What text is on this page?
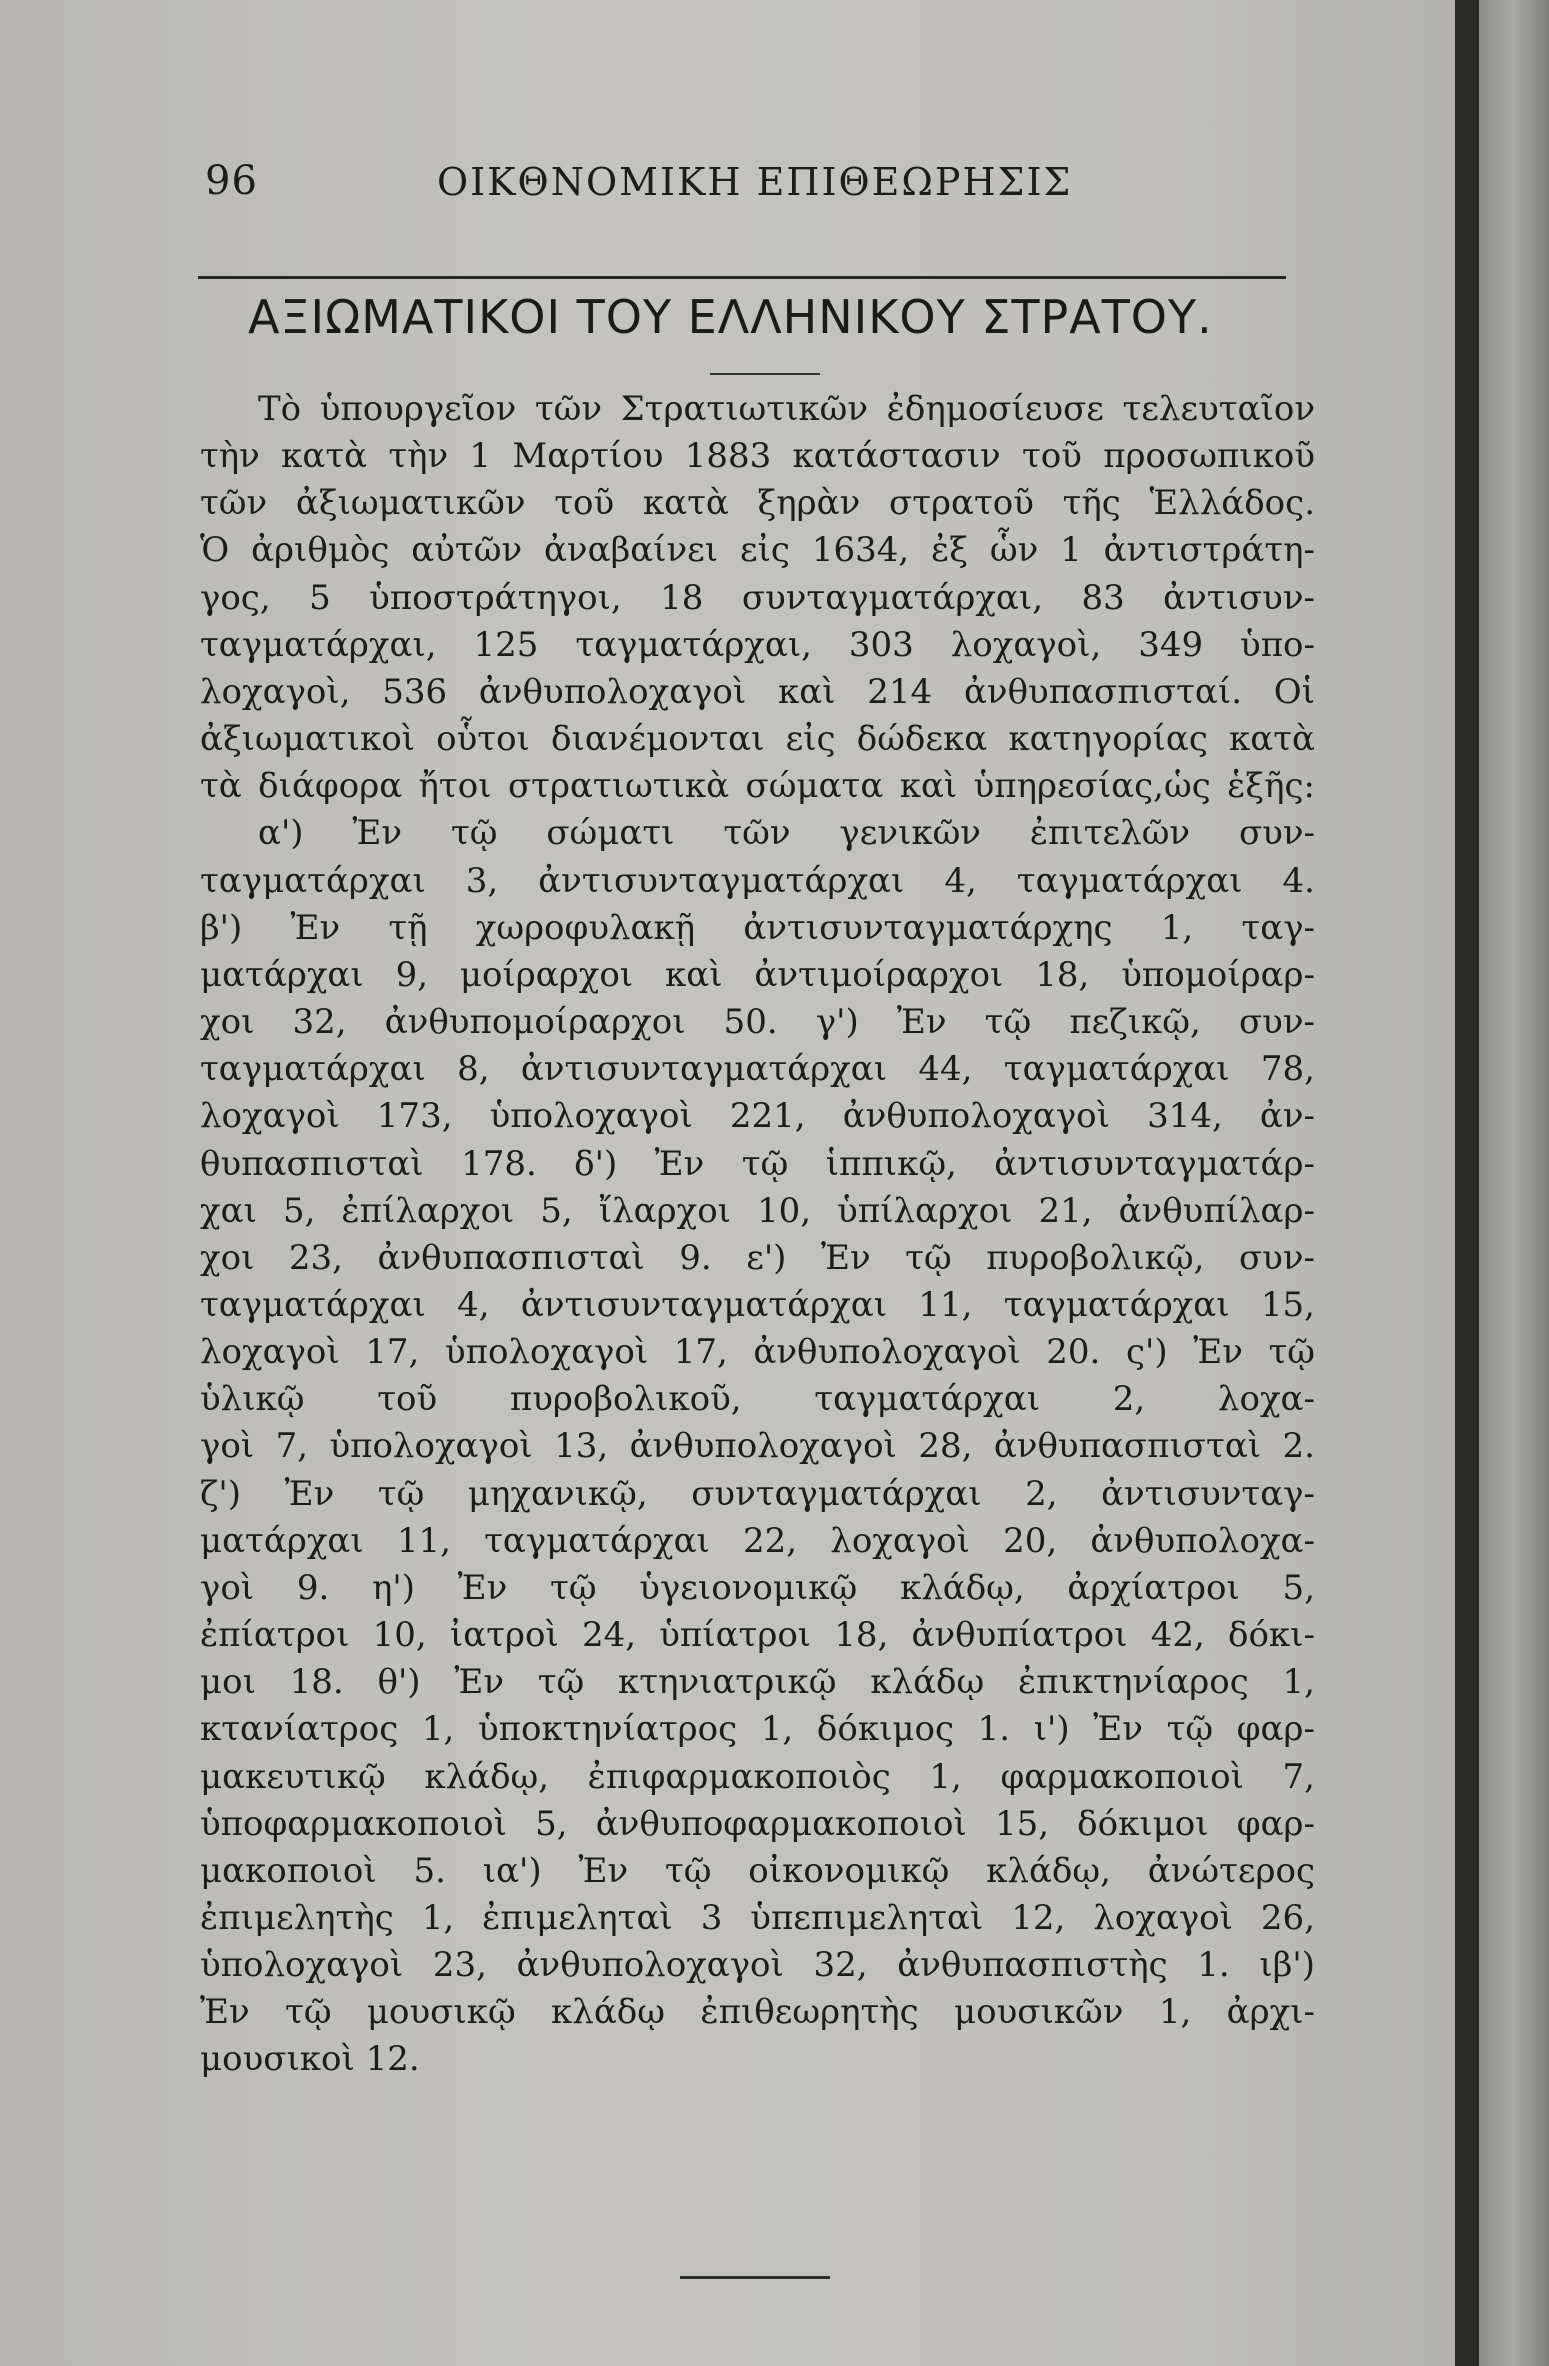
96	ΟΙΚΘΝΟΜΙΚΗ ΕΠΙΘΕΩΡΗΣΙΣ
ΑΞΙΩΜΑΤΙΚΟΙ ΤΟΥ ΕΛΛΗΝΙΚΟΥ ΣΤΡΑΤΟΥ.
Τὸ ὑπουργεῖον τῶν Στρατιωτικῶν ἐδημοσίευσε τελευταῖον
τὴν κατὰ τὴν 1 Μαρτίου 1883 κατάστασιν τοῦ προσωπικοῦ
τῶν ἀξιωματικῶν τοῦ κατὰ ξηρὰν στρατοῦ τῆς Ἑλλάδος.
Ὁ ἀριθμὸς αὐτῶν ἀναβαίνει εἰς 1634, ἐξ ὧν 1 ἀντιστράτη-
γος, 5 ὑποστράτηγοι, 18 συνταγματάρχαι, 83 ἀντισυν-
ταγματάρχαι, 125 ταγματάρχαι, 303 λοχαγοὶ, 349 ὑπο-
λοχαγοὶ, 536 ἀνθυπολοχαγοὶ καὶ 214 ἀνθυπασπισταί. Οἱ
ἀξιωματικοὶ οὗτοι διανέμονται εἰς δώδεκα κατηγορίας κατὰ
τὰ διάφορα ἤτοι στρατιωτικὰ σώματα καὶ ὑπηρεσίας,ὡς ἑξῆς:
α') Ἐν τῷ σώματι τῶν γενικῶν ἐπιτελῶν συν-
ταγματάρχαι 3, ἀντισυνταγματάρχαι 4, ταγματάρχαι 4.
β') Ἐν τῇ χωροφυλακῇ ἀντισυνταγματάρχης 1, ταγ-
ματάρχαι 9, μοίραρχοι καὶ ἀντιμοίραρχοι 18, ὑπομοίραρ-
χοι 32, ἀνθυπομοίραρχοι 50. γ') Ἐν τῷ πεζικῷ, συν-
ταγματάρχαι 8, ἀντισυνταγματάρχαι 44, ταγματάρχαι 78,
λοχαγοὶ 173, ὑπολοχαγοὶ 221, ἀνθυπολοχαγοὶ 314, ἀν-
θυπασπισταὶ 178. δ') Ἐν τῷ ἱππικῷ, ἀντισυνταγματάρ-
χαι 5, ἐπίλαρχοι 5, ἴλαρχοι 10, ὑπίλαρχοι 21, ἀνθυπίλαρ-
χοι 23, ἀνθυπασπισταὶ 9. ε') Ἐν τῷ πυροβολικῷ, συν-
ταγματάρχαι 4, ἀντισυνταγματάρχαι 11, ταγματάρχαι 15,
λοχαγοὶ 17, ὑπολοχαγοὶ 17, ἀνθυπολοχαγοὶ 20. ς') Ἐν τῷ
ὑλικῷ τοῦ πυροβολικοῦ, ταγματάρχαι 2, λοχα-
γοὶ 7, ὑπολοχαγοὶ 13, ἀνθυπολοχαγοὶ 28, ἀνθυπασπισταὶ 2.
ζ') Ἐν τῷ μηχανικῷ, συνταγματάρχαι 2, ἀντισυνταγ-
ματάρχαι 11, ταγματάρχαι 22, λοχαγοὶ 20, ἀνθυπολοχα-
γοὶ 9. η') Ἐν τῷ ὑγειονομικῷ κλάδῳ, ἀρχίατροι 5,
ἐπίατροι 10, ἰατροὶ 24, ὑπίατροι 18, ἀνθυπίατροι 42, δόκι-
μοι 18. θ') Ἐν τῷ κτηνιατρικῷ κλάδῳ ἐπικτηνίαρος 1,
κτανίατρος 1, ὑποκτηνίατρος 1, δόκιμος 1. ι') Ἐν τῷ φαρ-
μακευτικῷ κλάδῳ, ἐπιφαρμακοποιὸς 1, φαρμακοποιοὶ 7,
ὑποφαρμακοποιοὶ 5, ἀνθυποφαρμακοποιοὶ 15, δόκιμοι φαρ-
μακοποιοὶ 5. ια') Ἐν τῷ οἰκονομικῷ κλάδῳ, ἀνώτερος
ἐπιμελητὴς 1, ἐπιμεληταὶ 3 ὑπεπιμεληταὶ 12, λοχαγοὶ 26,
ὑπολοχαγοὶ 23, ἀνθυπολοχαγοὶ 32, ἀνθυπασπιστὴς 1. ιβ')
Ἐν τῷ μουσικῷ κλάδῳ ἐπιθεωρητὴς μουσικῶν 1, ἀρχι-
μουσικοὶ 12.
